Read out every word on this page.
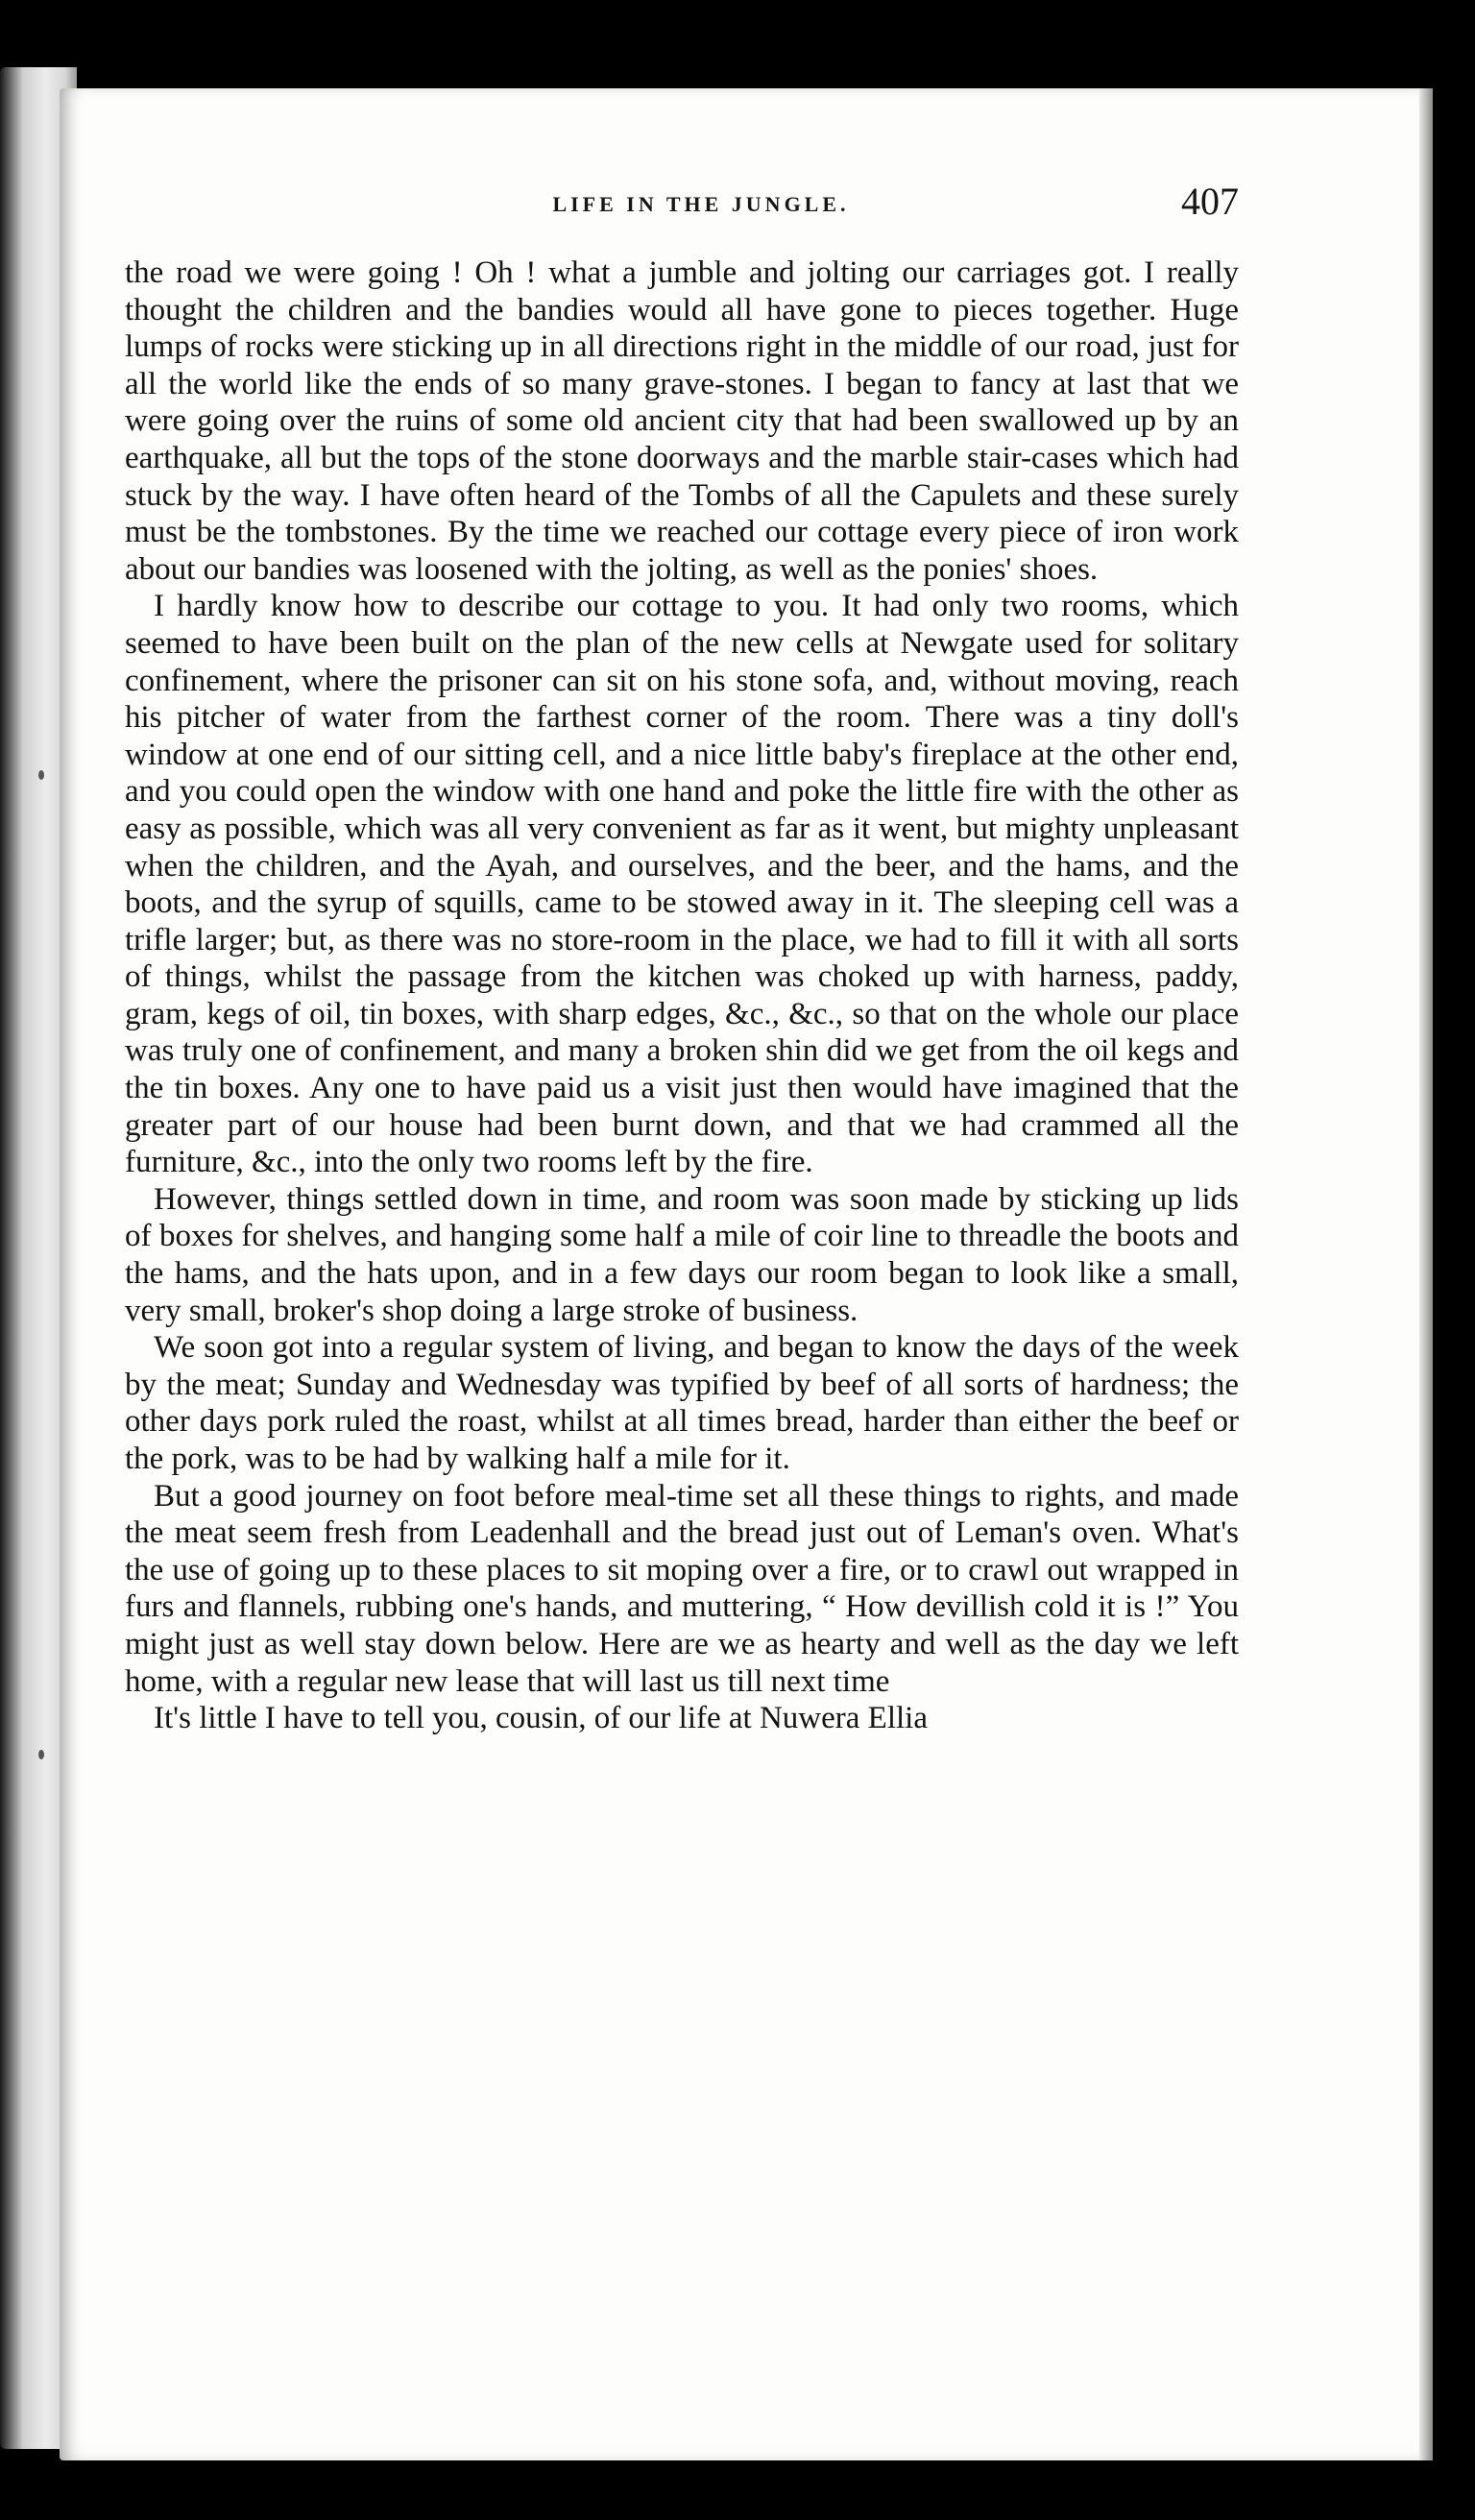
LIFE IN THE JUNGLE.	407

the road we were going ! Oh ! what a jumble and jolting our carriages got. I really thought the children and the bandies would all have gone to pieces together. Huge lumps of rocks were sticking up in all directions right in the middle of our road, just for all the world like the ends of so many grave-stones. I began to fancy at last that we were going over the ruins of some old ancient city that had been swallowed up by an earthquake, all but the tops of the stone doorways and the marble stair-cases which had stuck by the way. I have often heard of the Tombs of all the Capulets and these surely must be the tombstones. By the time we reached our cottage every piece of iron work about our bandies was loosened with the jolting, as well as the ponies' shoes.

I hardly know how to describe our cottage to you. It had only two rooms, which seemed to have been built on the plan of the new cells at Newgate used for solitary confinement, where the prisoner can sit on his stone sofa, and, without moving, reach his pitcher of water from the farthest corner of the room. There was a tiny doll's window at one end of our sitting cell, and a nice little baby's fireplace at the other end, and you could open the window with one hand and poke the little fire with the other as easy as possible, which was all very convenient as far as it went, but mighty unpleasant when the children, and the Ayah, and ourselves, and the beer, and the hams, and the boots, and the syrup of squills, came to be stowed away in it. The sleeping cell was a trifle larger; but, as there was no store-room in the place, we had to fill it with all sorts of things, whilst the passage from the kitchen was choked up with harness, paddy, gram, kegs of oil, tin boxes, with sharp edges, &c., &c., so that on the whole our place was truly one of confinement, and many a broken shin did we get from the oil kegs and the tin boxes. Any one to have paid us a visit just then would have imagined that the greater part of our house had been burnt down, and that we had crammed all the furniture, &c., into the only two rooms left by the fire.

However, things settled down in time, and room was soon made by sticking up lids of boxes for shelves, and hanging some half a mile of coir line to threadle the boots and the hams, and the hats upon, and in a few days our room began to look like a small, very small, broker's shop doing a large stroke of business.

We soon got into a regular system of living, and began to know the days of the week by the meat; Sunday and Wednesday was typified by beef of all sorts of hardness; the other days pork ruled the roast, whilst at all times bread, harder than either the beef or the pork, was to be had by walking half a mile for it.

But a good journey on foot before meal-time set all these things to rights, and made the meat seem fresh from Leadenhall and the bread just out of Leman's oven. What's the use of going up to these places to sit moping over a fire, or to crawl out wrapped in furs and flannels, rubbing one's hands, and muttering, “ How devillish cold it is !” You might just as well stay down below. Here are we as hearty and well as the day we left home, with a regular new lease that will last us till next time

It's little I have to tell you, cousin, of our life at Nuwera Ellia
